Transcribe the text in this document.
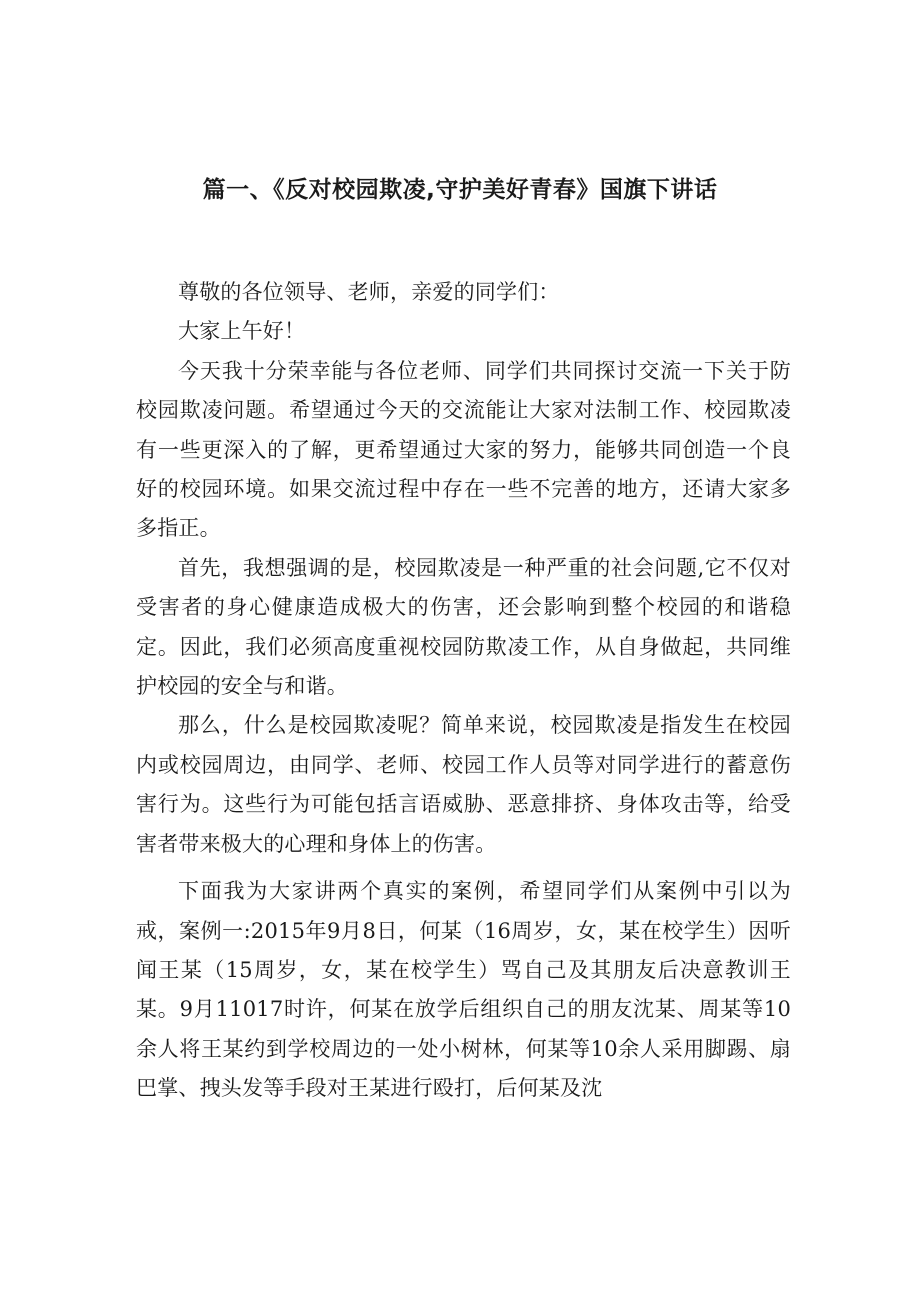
篇一、《反对校园欺凌,守护美好青春》国旗下讲话

尊敬的各位领导、老师，亲爱的同学们：

大家上午好！

今天我十分荣幸能与各位老师、同学们共同探讨交流一下关于防校园欺凌问题。希望通过今天的交流能让大家对法制工作、校园欺凌有一些更深入的了解，更希望通过大家的努力，能够共同创造一个良好的校园环境。如果交流过程中存在一些不完善的地方，还请大家多多指正。

首先，我想强调的是，校园欺凌是一种严重的社会问题,它不仅对受害者的身心健康造成极大的伤害，还会影响到整个校园的和谐稳定。因此，我们必须高度重视校园防欺凌工作，从自身做起，共同维护校园的安全与和谐。

那么，什么是校园欺凌呢？简单来说，校园欺凌是指发生在校园内或校园周边，由同学、老师、校园工作人员等对同学进行的蓄意伤害行为。这些行为可能包括言语威胁、恶意排挤、身体攻击等，给受害者带来极大的心理和身体上的伤害。

下面我为大家讲两个真实的案例，希望同学们从案例中引以为戒，案例一:2015年9月8日，何某（16周岁，女，某在校学生）因听闻王某（15周岁，女，某在校学生）骂自己及其朋友后决意教训王某。9月11017时许，何某在放学后组织自己的朋友沈某、周某等10余人将王某约到学校周边的一处小树林，何某等10余人采用脚踢、扇巴掌、拽头发等手段对王某进行殴打，后何某及沈
